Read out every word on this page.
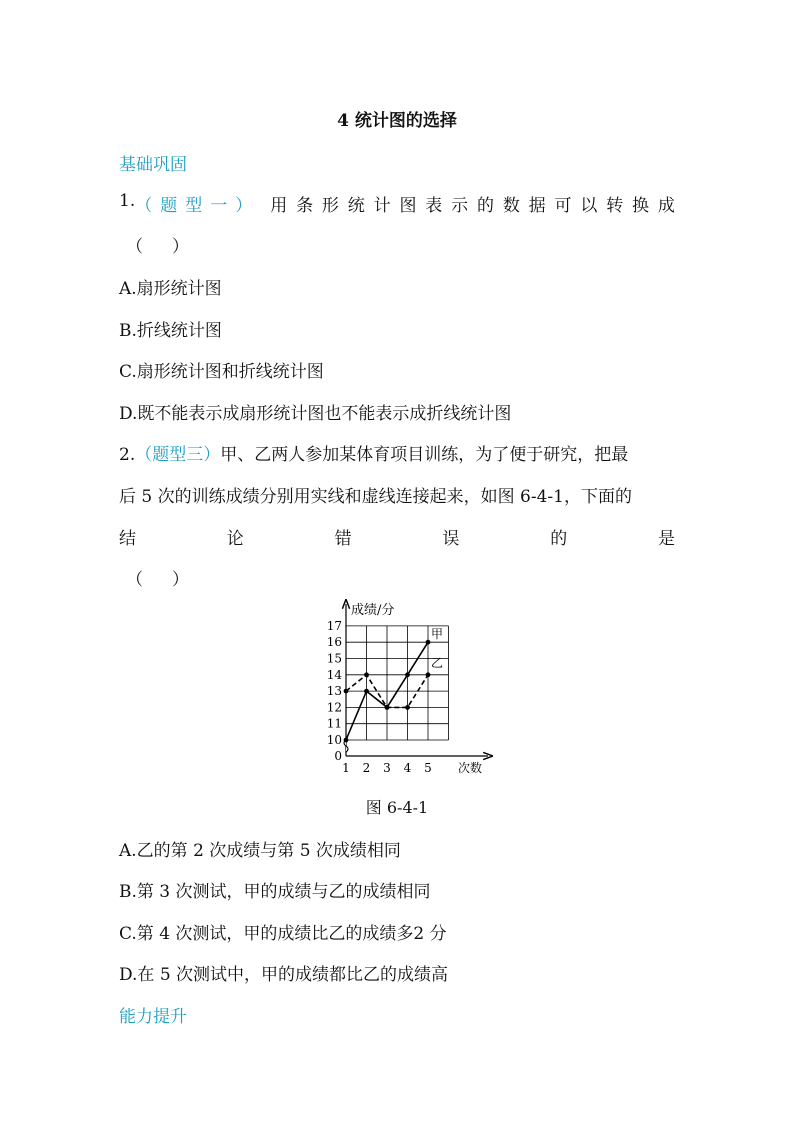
4 统计图的选择
基础巩固
1. （题型一） 用 条 形 统 计 图 表 示 的 数 据 可 以 转 换 成
（　）
A.扇形统计图
B.折线统计图
C.扇形统计图和折线统计图
D.既不能表示成扇形统计图也不能表示成折线统计图
2.（题型三）甲、乙两人参加某体育项目训练，为了便于研究，把最
后 5 次的训练成绩分别用实线和虚线连接起来，如图 6-4-1，下面的
结	论	错	误	的	是
（　）
0
10
11
12
13
14
15
16
17
1 2 3 4 5
成绩/分
次数
甲
乙
图 6-4-1
A.乙的第 2 次成绩与第 5 次成绩相同
B.第 3 次测试，甲的成绩与乙的成绩相同
C.第 4 次测试，甲的成绩比乙的成绩多2 分
D.在 5 次测试中，甲的成绩都比乙的成绩高
能力提升
